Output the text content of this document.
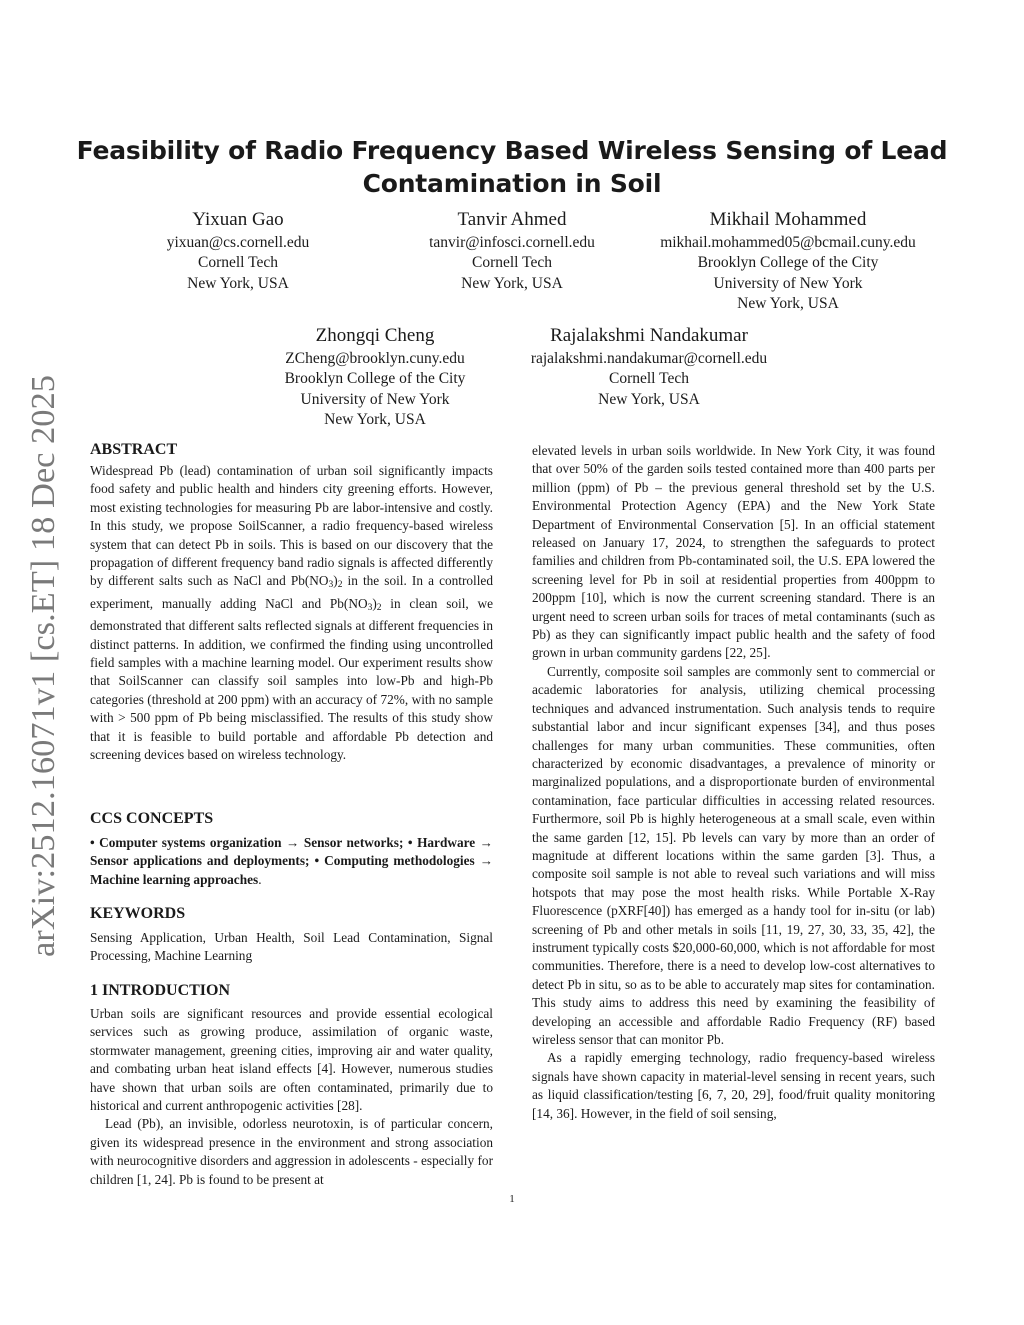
arXiv:2512.16071v1 [cs.ET] 18 Dec 2025
Feasibility of Radio Frequency Based Wireless Sensing of Lead
Contamination in Soil
Yixuan Gao
yixuan@cs.cornell.edu
Cornell Tech
New York, USA
Tanvir Ahmed
tanvir@infosci.cornell.edu
Cornell Tech
New York, USA
Mikhail Mohammed
mikhail.mohammed05@bcmail.cuny.edu
Brooklyn College of the City
University of New York
New York, USA
Zhongqi Cheng
ZCheng@brooklyn.cuny.edu
Brooklyn College of the City
University of New York
New York, USA
Rajalakshmi Nandakumar
rajalakshmi.nandakumar@cornell.edu
Cornell Tech
New York, USA
ABSTRACT

Widespread Pb (lead) contamination of urban soil significantly impacts food safety and public health and hinders city greening efforts. However, most existing technologies for measuring Pb are labor-intensive and costly. In this study, we propose SoilScanner, a radio frequency-based wireless system that can detect Pb in soils. This is based on our discovery that the propagation of different frequency band radio signals is affected differently by different salts such as NaCl and $Pb(NO_3)_2$ in the soil. In a controlled experiment, manually adding NaCl and $Pb(NO_3)_2$ in clean soil, we demonstrated that different salts reflected signals at different frequencies in distinct patterns. In addition, we confirmed the finding using uncontrolled field samples with a machine learning model. Our experiment results show that SoilScanner can classify soil samples into low-Pb and high-Pb categories (threshold at 200 ppm) with an accuracy of 72%, with no sample with > 500 ppm of Pb being misclassified. The results of this study show that it is feasible to build portable and affordable Pb detection and screening devices based on wireless technology.

CCS CONCEPTS

• Computer systems organization → Sensor networks; • Hardware → Sensor applications and deployments; • Computing methodologies → Machine learning approaches.

KEYWORDS

Sensing Application, Urban Health, Soil Lead Contamination, Signal Processing, Machine Learning

1 INTRODUCTION

Urban soils are significant resources and provide essential ecological services such as growing produce, assimilation of organic waste, stormwater management, greening cities, improving air and water quality, and combating urban heat island effects [4]. However, numerous studies have shown that urban soils are often contaminated, primarily due to historical and current anthropogenic activities [28].

Lead (Pb), an invisible, odorless neurotoxin, is of particular concern, given its widespread presence in the environment and strong association with neurocognitive disorders and aggression in adolescents - especially for children [1, 24]. Pb is found to be present at

elevated levels in urban soils worldwide. In New York City, it was found that over 50% of the garden soils tested contained more than 400 parts per million (ppm) of Pb – the previous general threshold set by the U.S. Environmental Protection Agency (EPA) and the New York State Department of Environmental Conservation [5]. In an official statement released on January 17, 2024, to strengthen the safeguards to protect families and children from Pb-contaminated soil, the U.S. EPA lowered the screening level for Pb in soil at residential properties from 400ppm to 200ppm [10], which is now the current screening standard. There is an urgent need to screen urban soils for traces of metal contaminants (such as Pb) as they can significantly impact public health and the safety of food grown in urban community gardens [22, 25].

Currently, composite soil samples are commonly sent to commercial or academic laboratories for analysis, utilizing chemical processing techniques and advanced instrumentation. Such analysis tends to require substantial labor and incur significant expenses [34], and thus poses challenges for many urban communities. These communities, often characterized by economic disadvantages, a prevalence of minority or marginalized populations, and a disproportionate burden of environmental contamination, face particular difficulties in accessing related resources. Furthermore, soil Pb is highly heterogeneous at a small scale, even within the same garden [12, 15]. Pb levels can vary by more than an order of magnitude at different locations within the same garden [3]. Thus, a composite soil sample is not able to reveal such variations and will miss hotspots that may pose the most health risks. While Portable X-Ray Fluorescence (pXRF[40]) has emerged as a handy tool for in-situ (or lab) screening of Pb and other metals in soils [11, 19, 27, 30, 33, 35, 42], the instrument typically costs $20,000-60,000, which is not affordable for most communities. Therefore, there is a need to develop low-cost alternatives to detect Pb in situ, so as to be able to accurately map sites for contamination. This study aims to address this need by examining the feasibility of developing an accessible and affordable Radio Frequency (RF) based wireless sensor that can monitor Pb.

As a rapidly emerging technology, radio frequency-based wireless signals have shown capacity in material-level sensing in recent years, such as liquid classification/testing [6, 7, 20, 29], food/fruit quality monitoring [14, 36]. However, in the field of soil sensing,

1
